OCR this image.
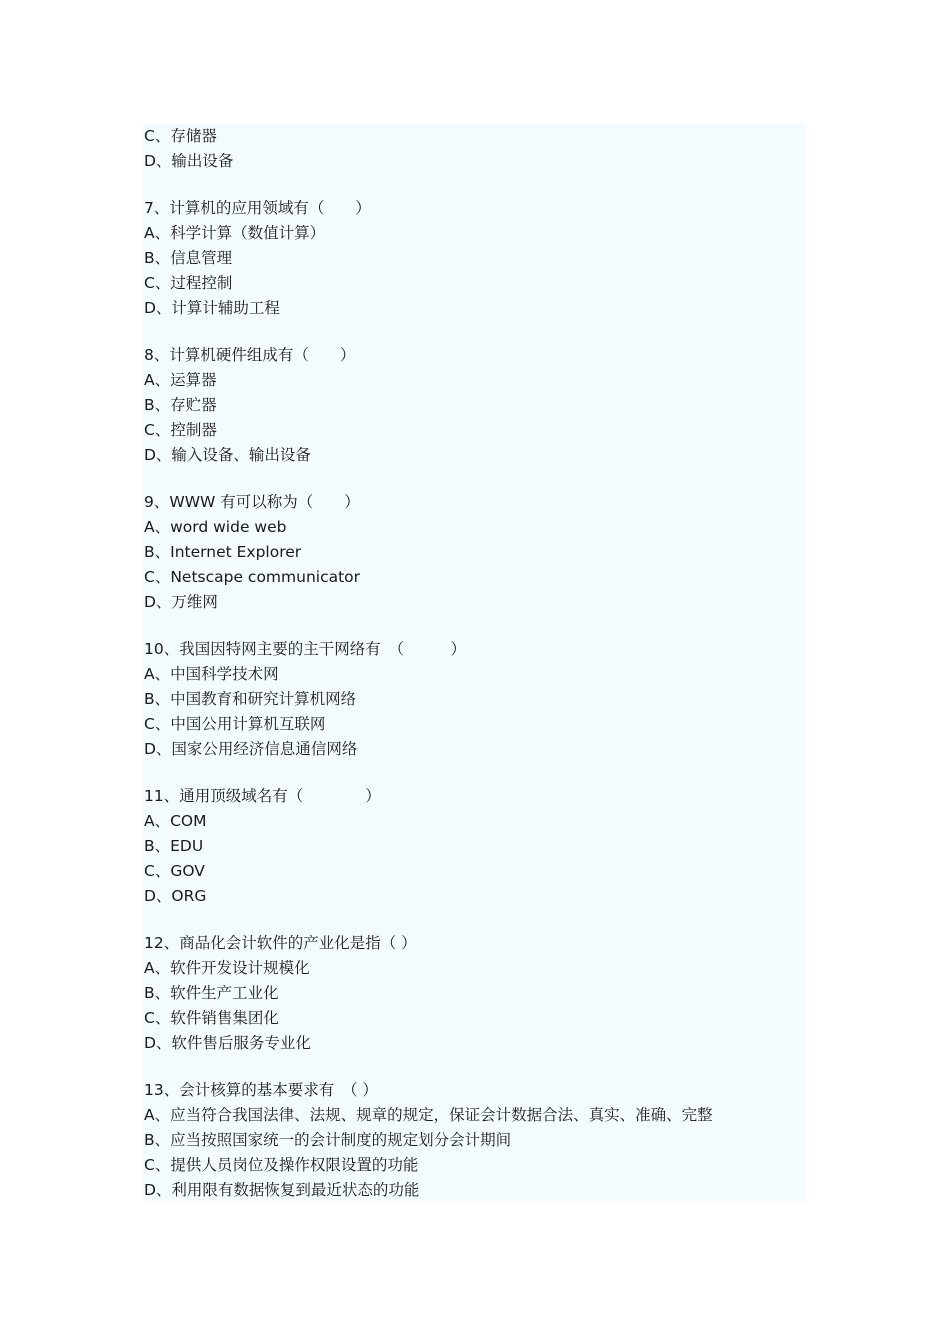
C、存储器
D、输出设备
7、计算机的应用领域有（　　）
A、科学计算（数值计算）
B、信息管理
C、过程控制
D、计算计辅助工程
8、计算机硬件组成有（　　）
A、运算器
B、存贮器
C、控制器
D、输入设备、输出设备
9、WWW 有可以称为（　　）
A、word wide web
B、Internet Explorer
C、Netscape communicator
D、万维网
10、我国因特网主要的主干网络有　（　　　）
A、中国科学技术网
B、中国教育和研究计算机网络
C、中国公用计算机互联网
D、国家公用经济信息通信网络
11、通用顶级域名有（　　　　）
A、COM
B、EDU
C、GOV
D、ORG
12、商品化会计软件的产业化是指（ ）
A、软件开发设计规模化
B、软件生产工业化
C、软件销售集团化
D、软件售后服务专业化
13、会计核算的基本要求有　（ ）
A、应当符合我国法律、法规、规章的规定，保证会计数据合法、真实、准确、完整
B、应当按照国家统一的会计制度的规定划分会计期间
C、提供人员岗位及操作权限设置的功能
D、利用限有数据恢复到最近状态的功能
